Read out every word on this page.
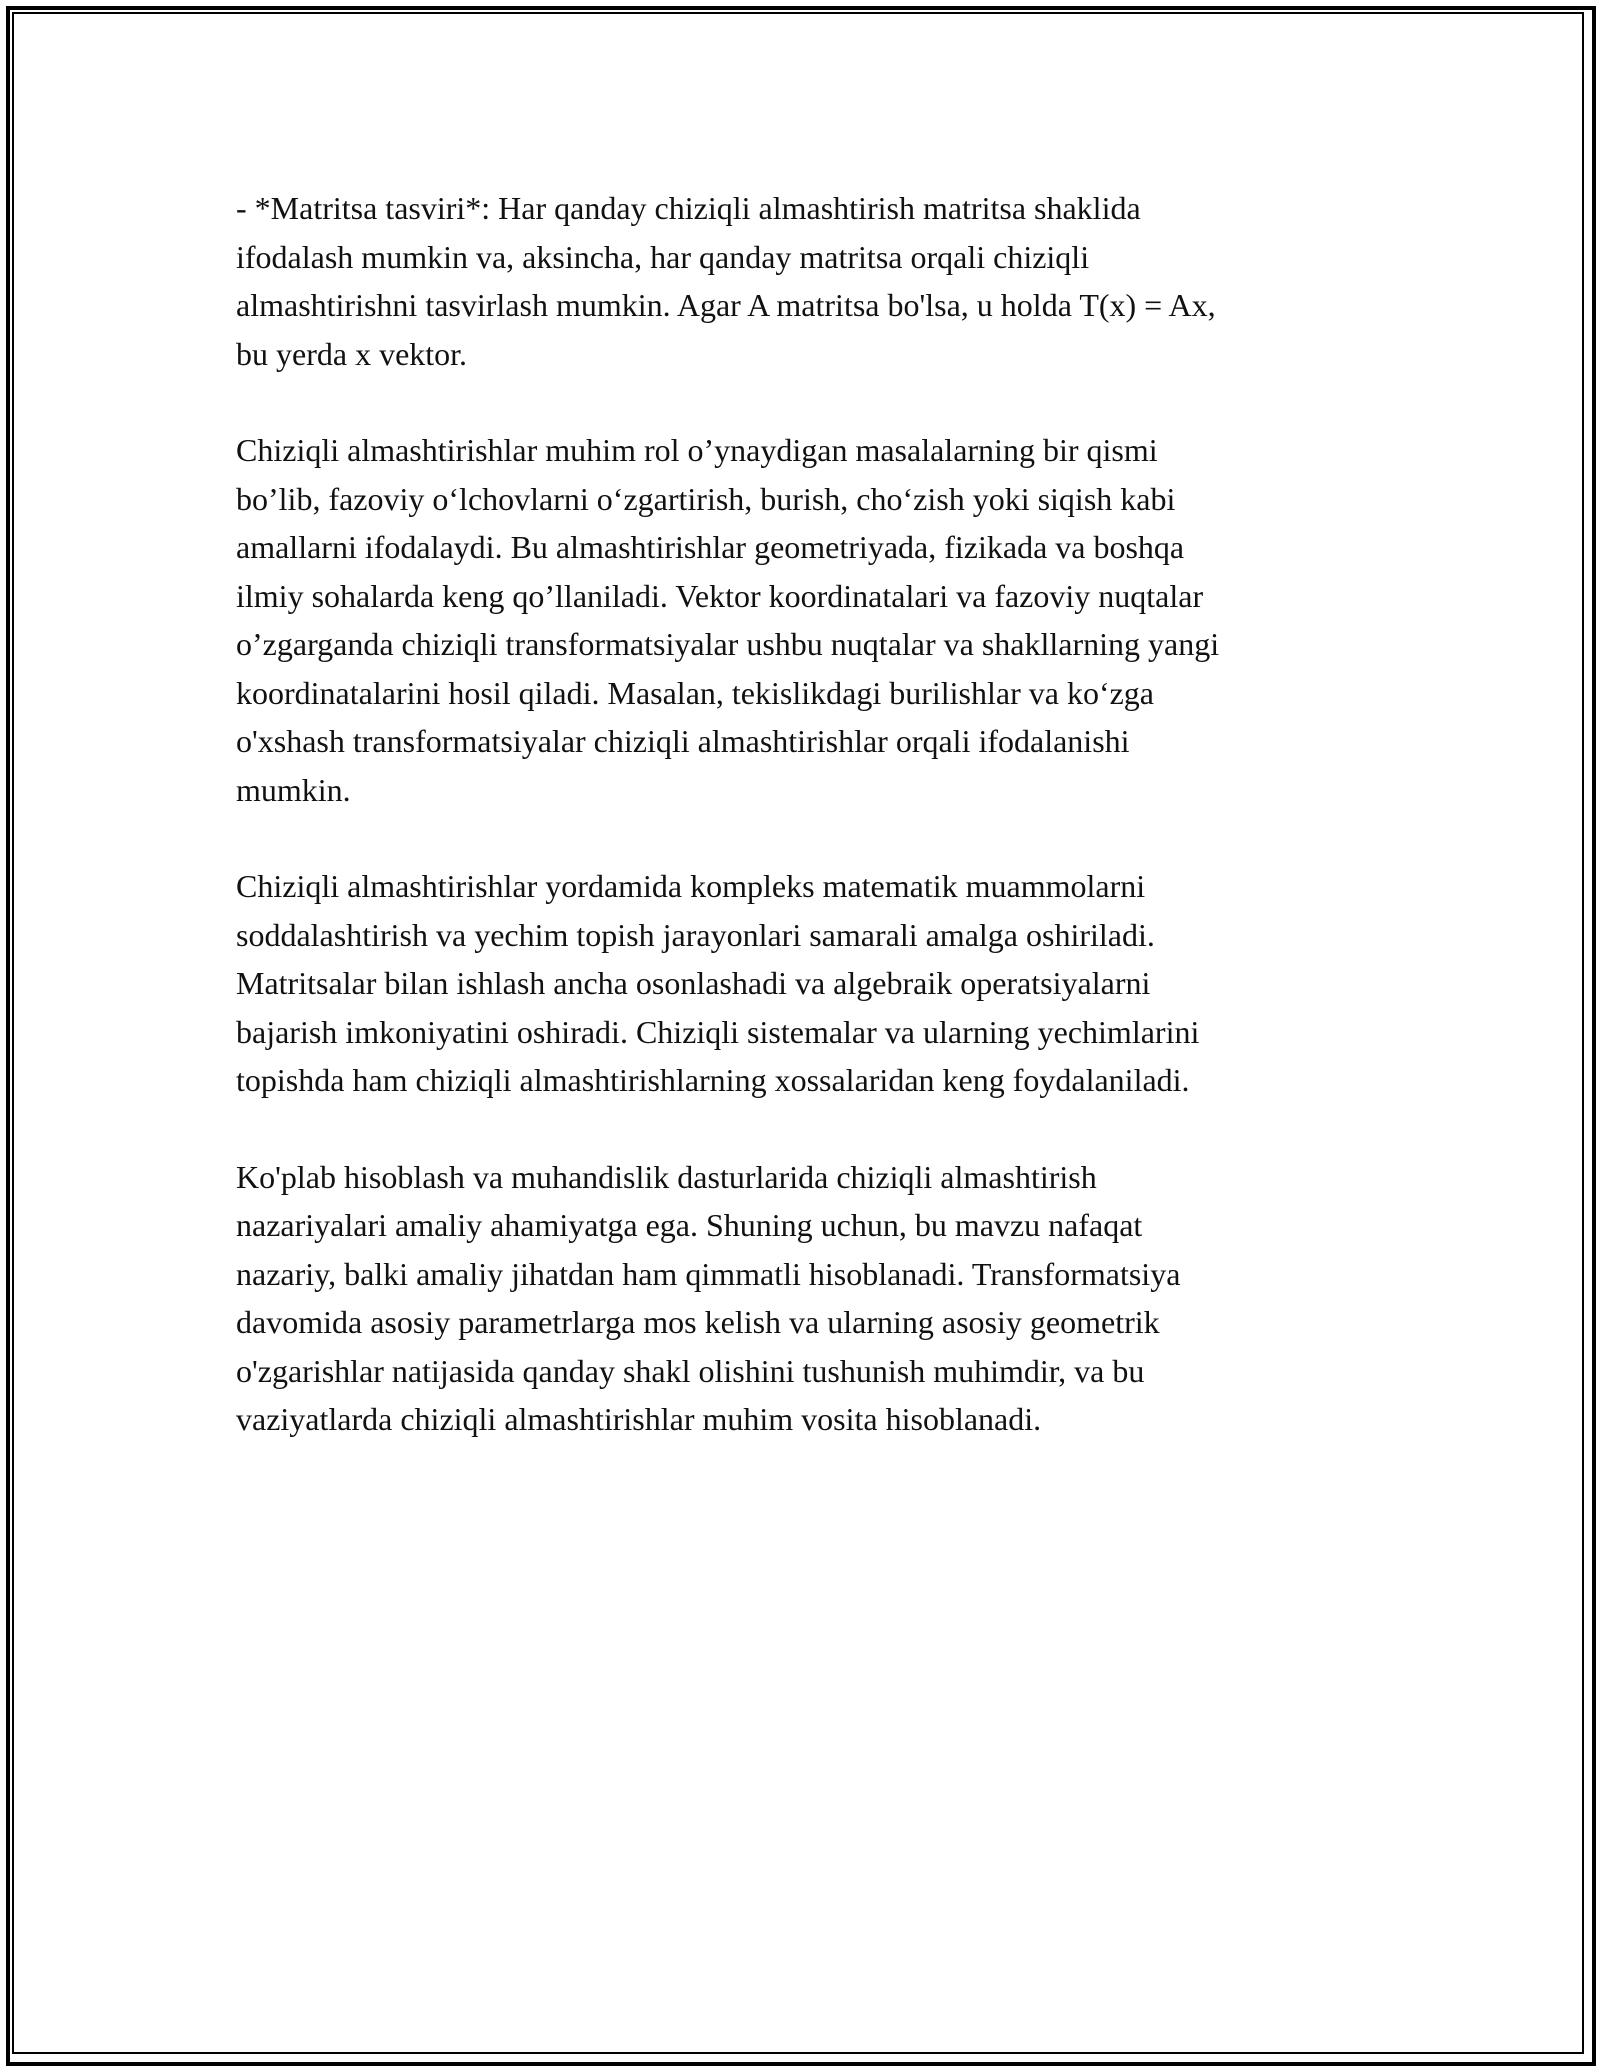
- *Matritsa tasviri*: Har qanday chiziqli almashtirish matritsa shaklida
ifodalash mumkin va, aksincha, har qanday matritsa orqali chiziqli
almashtirishni tasvirlash mumkin. Agar A matritsa bo'lsa, u holda T(x) = Ax,
bu yerda x vektor.

Chiziqli almashtirishlar muhim rol o’ynaydigan masalalarning bir qismi
bo’lib, fazoviy o‘lchovlarni o‘zgartirish, burish, cho‘zish yoki siqish kabi
amallarni ifodalaydi. Bu almashtirishlar geometriyada, fizikada va boshqa
ilmiy sohalarda keng qo’llaniladi. Vektor koordinatalari va fazoviy nuqtalar
o’zgarganda chiziqli transformatsiyalar ushbu nuqtalar va shakllarning yangi
koordinatalarini hosil qiladi. Masalan, tekislikdagi burilishlar va ko‘zga
o'xshash transformatsiyalar chiziqli almashtirishlar orqali ifodalanishi
mumkin.

Chiziqli almashtirishlar yordamida kompleks matematik muammolarni
soddalashtirish va yechim topish jarayonlari samarali amalga oshiriladi.
Matritsalar bilan ishlash ancha osonlashadi va algebraik operatsiyalarni
bajarish imkoniyatini oshiradi. Chiziqli sistemalar va ularning yechimlarini
topishda ham chiziqli almashtirishlarning xossalaridan keng foydalaniladi.

Ko'plab hisoblash va muhandislik dasturlarida chiziqli almashtirish
nazariyalari amaliy ahamiyatga ega. Shuning uchun, bu mavzu nafaqat
nazariy, balki amaliy jihatdan ham qimmatli hisoblanadi. Transformatsiya
davomida asosiy parametrlarga mos kelish va ularning asosiy geometrik
o'zgarishlar natijasida qanday shakl olishini tushunish muhimdir, va bu
vaziyatlarda chiziqli almashtirishlar muhim vosita hisoblanadi.
